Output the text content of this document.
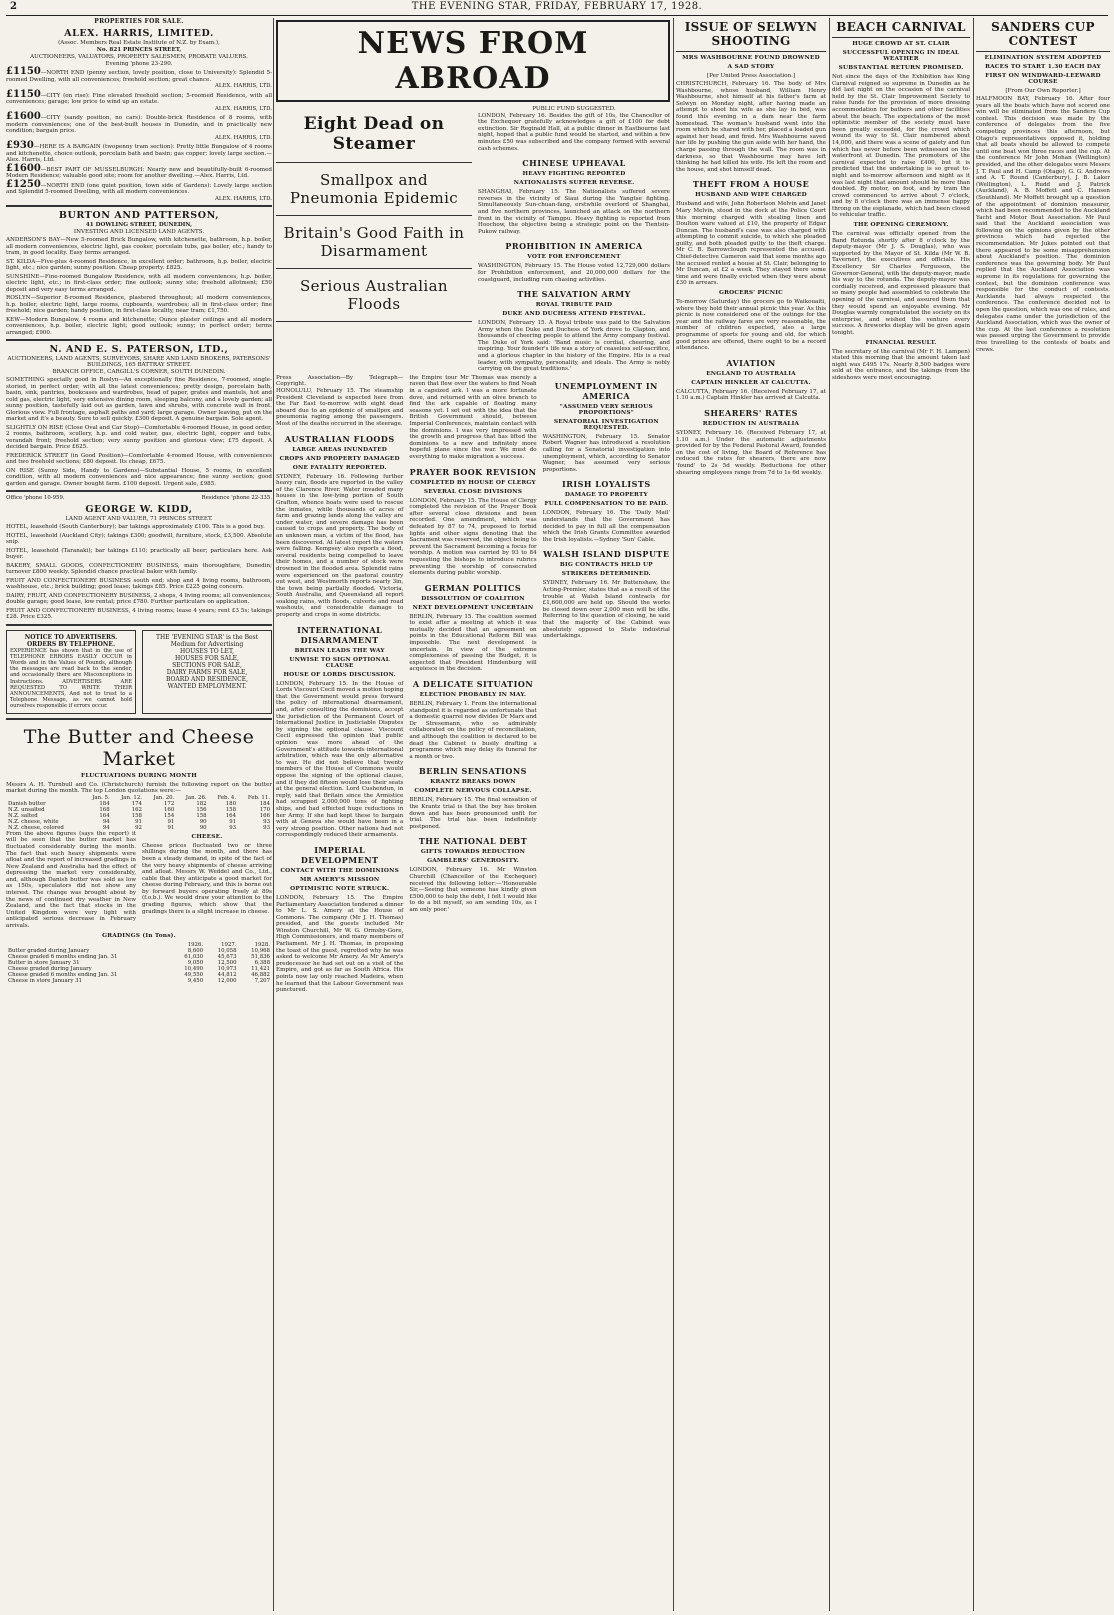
2	THE EVENING STAR, FRIDAY, FEBRUARY 17, 1928.
PROPERTIES FOR SALE.
ALEX. HARRIS, LIMITED.
(Assoc. Members Real Estate Institute of N.Z. by Exam.),
No. 821 PRINCES STREET,
AUCTIONEERS, VALUATORS, PROPERTY SALESMEN, PROBATE VALUERS.
Evening 'phone 23-290.
£1150—NORTH END (penny section, lovely position, close to University): Splendid 5-roomed Dwelling, with all conveniences; freehold section; great chance.
ALEX. HARRIS, LTD.
£1150—CITY (on rise): Fine elevated freehold section; 5-roomed Residence, with all conveniences; garage; low price to wind up an estate.
ALEX. HARRIS, LTD.
£1600—CITY (sandy position, no cars): Double-brick Residence of 8 rooms, with modern conveniences; one of the best-built houses in Dunedin, and in practically new condition; bargain price.
ALEX. HARRIS, LTD.
£930—HERE IS A BARGAIN (twopenny tram section): Pretty little Bungalow of 4 rooms and kitchenette, choice outlook, porcelain bath and basin; gas copper; lovely large section.—Alex. Harris, Ltd.
£1600—BEST PART OF MUSSELBURGH: Nearly new and beautifully-built 6-roomed Modern Residence; valuable good site; room for another dwelling.—Alex. Harris, Ltd.
£1250—NORTH END (one quiet position, town side of Gardens): Lovely large section and Splendid 5-roomed Dwelling, with all modern conveniences.
ALEX. HARRIS, LTD.
BURTON AND PATTERSON,
41 DOWLING STREET, DUNEDIN,
INVESTING AND LICENSED LAND AGENTS.
ANDERSON'S BAY—New 5-roomed Brick Bungalow, with kitchenette, bathroom, h.p. boiler, all modern conveniences, electric light, gas cooker, porcelain tubs, gas boiler, etc.; handy to tram, in good locality. Easy terms arranged.
ST. KILDA—Five-plus 4-roomed Residence, in excellent order; bathroom, h.p. boiler, electric light, etc.; nice garden; sunny position. Cheap property. £825.
SUNSHINE—Fine-roomed Bungalow Residence, with all modern conveniences, h.p. boiler, electric light, etc.; in first-class order; fine outlook; sunny site; freehold allotment; £50 deposit and very easy terms arranged.
ROSLYN—Superior 8-roomed Residence, plastered throughout; all modern conveniences, h.p. boiler, electric light, large rooms, cupboards, wardrobes; all in first-class order; fine freehold; nice garden; handy position, in first-class locality, near tram; £1,750.
KEW—Modern Bungalow, 4 rooms and kitchenette; Ounce plaster ceilings and all modern conveniences, h.p. boiler, electric light; good outlook; sunny; in perfect order; terms arranged; £900.
N. AND E. S. PATERSON, LTD.,
AUCTIONEERS, LAND AGENTS, SURVEYORS, SHARE AND LAND BROKERS, PATERSONS' BUILDINGS, 165 BATTRAY STREET.
BRANCH OFFICE, CARGILL'S CORNER, SOUTH DUNEDIN.
SOMETHING specially good in Roslyn—An exceptionally fine Residence, 7-roomed, single-storied, in perfect order, with all the latest conveniences; pretty design, porcelain bath, basin, sink, pantries, bookcases and wardrobes, head of paper, grates and mantels, hot and cold gas, electric light, very extensive dining room, sleeping balcony, and a lovely garden; all sunny position, tastefully laid out as garden, lawn and shrubs, with concrete wall in front. Glorious view. Full frontage, asphalt paths and yard; large garage. Owner leaving, put on the market and it's a beauty. Sure to sell quickly. £300 deposit. A genuine bargain. Sole agent.
SLIGHTLY ON RISE (Close Oval and Car Stop)—Comfortable 4-roomed House, in good order, 2 rooms, bathroom, scullery, h.p. and cold water, gas, electric light, copper and tubs, verandah front; freehold section; very sunny position and glorious view; £75 deposit. A decided bargain. Price £625.
FREDERICK STREET (in Good Position)—Comfortable 4-roomed House, with conveniences and two freehold sections; £80 deposit. Its cheap, £675.
ON RISE (Sunny Side, Handy to Gardens)—Substantial House, 5 rooms, in excellent condition, with all modern conveniences and nice appearance; fine sunny section; good garden and garage. Owner bought farm. £100 deposit. Urgent sale, £985.
Office 'phone 10-959.	Residence 'phone 22-335.
GEORGE W. KIDD,
LAND AGENT AND VALUER, 71 PRINCES STREET.
HOTEL, leasehold (South Canterbury); bar takings approximately £100. This is a good buy.
HOTEL, leasehold (Auckland City); takings £300; goodwill, furniture, stock, £3,500. Absolute snip.
HOTEL, leasehold (Taranaki); bar takings £110; practically all beer; particulars here. Ask buyer.
BAKERY, SMALL GOODS, CONFECTIONERY BUSINESS, main thoroughfare, Dunedin; turnover £800 weekly. Splendid chance practical baker with family.
FRUIT AND CONFECTIONERY BUSINESS south end; shop and 4 living rooms, bathroom, washhouse, etc.; brick building; good lease; takings £85. Price £225 going concern.
DAIRY, FRUIT, AND CONFECTIONERY BUSINESS, 2 shops, 4 living rooms; all conveniences; double garage; good lease, low rental; price £780. Further particulars on application.
FRUIT AND CONFECTIONERY BUSINESS, 4 living rooms; lease 4 years; rent £3 5s; takings £28. Price £325.
NOTICE TO ADVERTISERS.
ORDERS BY TELEPHONE.
EXPERIENCE has shown that in the use of TELEPHONE ERRORS EASILY OCCUR in Words and in the Values of Pounds, although the messages are read back to the sender, and occasionally there are Misconceptions in Instructions. ADVERTISERS ARE REQUESTED TO WRITE THEIR ANNOUNCEMENTS, And not to trust to a Telephone Message, as we cannot hold ourselves responsible if errors occur.
THE 'EVENING STAR' is the Best Medium for Advertising
HOUSES TO LET,
HOUSES FOR SALE,
SECTIONS FOR SALE,
DAIRY FARMS FOR SALE,
BOARD AND RESIDENCE,
WANTED EMPLOYMENT.
The Butter and Cheese Market
FLUCTUATIONS DURING MONTH
Messrs A. H. Turnbull and Co. (Christchurch) furnish the following report on the butter market during the month. The top London quotations were:—
	Jan. 5.	Jan. 12.	Jan. 20.	Jan. 26.	Feb. 4.	Feb. 11.
Danish butter	184	174	172	182	180	184
N.Z. unsalted	168	162	160	156	158	170
N.Z. salted	164	158	154	158	164	166
N.Z. cheese, white	94	91	91	90	91	93
N.Z. cheese, colored	94	92	91	90	93	93
From the above figures (says the report) it will be seen that the butter market has fluctuated considerably during the month. The fact that such heavy shipments were afloat and the report of increased gradings in New Zealand and Australia had the effect of depressing the market very considerably, and, although Danish butter was sold as low as 150s, speculators did not show any interest. The change was brought about by the news of continued dry weather in New Zealand, and the fact that stocks in the United Kingdom were very light with anticipated serious decrease in February arrivals.
CHEESE.
Cheese prices fluctuated two or three shillings during the month, and there has been a steady demand, in spite of the fact of the very heavy shipments of cheese arriving and afloat. Messrs W. Weddel and Co., Ltd., cable that they anticipate a good market for cheese during February, and this is borne out by forward buyers operating freely at 89s (f.o.b.). We would draw your attention to the grading figures, which show that the gradings there is a slight increase in cheese.
GRADINGS (In Tons).
	1926.	1927.	1928.
Butter graded during January	8,600	10,058	10,968
Cheese graded 6 months ending Jan. 31	61,030	45,673	51,836
Butter in store January 31	9,050	12,500	6,388
Cheese graded during January	10,490	10,973	11,421
Cheese graded 6 months ending Jan. 31	49,550	44,812	46,882
Cheese in store January 31	9,450	12,000	7,207
NEWS FROM ABROAD
Eight Dead on Steamer
Smallpox and Pneumonia Epidemic
Britain's Good Faith in Disarmament
Serious Australian Floods
PUBLIC FUND SUGGESTED.
LONDON, February 16. Besides the gift of 10s, the Chancellor of the Exchequer gratefully acknowledges a gift of £100 for debt extinction. Sir Reginald Hall, at a public dinner in Eastbourne last night, hoped that a public fund would be started, and within a few minutes £50 was subscribed and the company formed with several cash schemes.
CHINESE UPHEAVAL
HEAVY FIGHTING REPORTED
NATIONALISTS SUFFER REVERSE.
SHANGHAI, February 15. The Nationalists suffered severe reverses in the vicinity of Siaui during the Yangtse fighting. Simultaneously Sun-chuan-fang, erstwhile overlord of Shanghai, and five northern provinces, launched an attack on the northern front in the vicinity of Tamgpu. Heavy fighting is reported from Hoochow, the objective being a strategic point on the Tientsin-Pukow railway.
PROHIBITION IN AMERICA
VOTE FOR ENFORCEMENT
WASHINGTON, February 15. The House voted 12,729,000 dollars for Prohibition enforcement, and 20,000,000 dollars for the coastguard, including rum chasing activities.
THE SALVATION ARMY
ROYAL TRIBUTE PAID
DUKE AND DUCHESS ATTEND FESTIVAL.
LONDON, February 15. A Royal tribute was paid to the Salvation Army when the Duke and Duchess of York drove to Clapton, and thousands of cheering people to attend the Army company festival. The Duke of York said: 'Band music is cordial, cheering, and inspiring. Your founder's life was a story of ceaseless self-sacrifice, and a glorious chapter in the history of the Empire. His is a real leader, with sympathy, personality, and ideals. The Army is nobly carrying on the great traditions.'
Press Association—By Telegraph—Copyright.
HONOLULU, February 15. The steamship President Cleveland is expected here from the Far East to-morrow with eight dead aboard due to an epidemic of smallpox and pneumonia raging among the passengers. Most of the deaths occurred in the steerage.
AUSTRALIAN FLOODS
LARGE AREAS INUNDATED
CROPS AND PROPERTY DAMAGED
ONE FATALITY REPORTED.
SYDNEY, February 16. Following further heavy rain, floods are reported in the valley of the Clarence River. Water invaded many houses in the low-lying portion of South Grafton, whence boats were used to rescue the inmates, while thousands of acres of farm and grazing lands along the valley are under water, and severe damage has been caused to crops and property. The body of an unknown man, a victim of the flood, has been discovered. At latest report the waters were falling. Kempsey also reports a flood, several residents being compelled to leave their homes, and a number of stock were drowned in the flooded area. Splendid rains were experienced on the pastoral country out west, and Westmorth reports nearly 3in, the town being partially flooded. Victoria, South Australia, and Queensland all report soaking rains, with floods, culverts and road washouts, and considerable damage to property and crops in some districts.
INTERNATIONAL DISARMAMENT
BRITAIN LEADS THE WAY
UNWISE TO SIGN OPTIONAL CLAUSE
HOUSE OF LORDS DISCUSSION.
LONDON, February 15. In the House of Lords Viscount Cecil moved a motion hoping that the Government would press forward the policy of international disarmament, and, after consulting the dominions, accept the jurisdiction of the Permanent Court of International Justice in Justiciable Disputes by signing the optional clause. Viscount Cecil expressed the opinion that public opinion was more ahead of the Government's attitude towards international arbitration, which was the only alternative to war. He did not believe that twenty members of the House of Commons would oppose the signing of the optional clause, and if they did fifteen would lose their seats at the general election. Lord Cushendun, in reply, said that Britain since the Armistice had scrapped 2,000,000 tons of fighting ships, and had effected huge reductions in her Army. If she had kept these to bargain with at Geneva she would have been in a very strong position. Other nations had not correspondingly reduced their armaments.
IMPERIAL DEVELOPMENT
CONTACT WITH THE DOMINIONS
MR AMERY'S MISSION
OPTIMISTIC NOTE STRUCK.
LONDON, February 15. The Empire Parliamentary Association tendered a dinner to Mr L. S. Amery at the House of Commons. The company (Mr J. H. Thomas) presided, and the guests included Mr Winston Churchill, Mr W. G. Ormsby-Gore, High Commissioners, and many members of Parliament. Mr J. H. Thomas, in proposing the toast of the guest, regretted why he was asked to welcome Mr Amery. As Mr Amery's predecessor he had set out on a visit of the Empire, and got as far as South Africa. His points now lay only reached Madeira, when he learned that the Labour Government was punctured.
the Empire tour Mr Thomas was merely a raven that flew over the waters to find Noah in a capsized ark. I was a more fortunate dove, and returned with an olive branch to find the ark capable of floating many seasons yet. I set out with the idea that the British Government should, between Imperial Conferences, maintain contact with the dominions. I was very impressed with the growth and progress that has lifted the dominions to a new and infinitely more hopeful plane since the war. We must do everything to make migration a success.
PRAYER BOOK REVISION
COMPLETED BY HOUSE OF CLERGY
SEVERAL CLOSE DIVISIONS
LONDON, February 15. The House of Clergy completed the revision of the Prayer Book after several close divisions and been recorded. One amendment, which was defeated by 87 to 74, proposed to forbid lights and other signs denoting that the Sacrament was reserved, the object being to prevent the Sacrament becoming a focus for worship. A motion was carried by 93 to 84 requesting the bishops to introduce rubrics preventing the worship of consecrated elements during public worship.
GERMAN POLITICS
DISSOLUTION OF COALITION
NEXT DEVELOPMENT UNCERTAIN
BERLIN, February 15. The coalition seemed to exist after a meeting at which it was mutually decided that an agreement on points in the Educational Reform Bill was impossible. The next development is uncertain. In view of the extreme complexeness of passing the Budget, it is expected that President Hindenburg will acquiesce in the decision.
A DELICATE SITUATION
ELECTION PROBABLY IN MAY.
BERLIN, February 1. From the international standpoint it is regarded as unfortunate that a domestic quarrel now divides Dr Marx and Dr Stresemann, who so admirably collaborated on the policy of reconciliation, and although the coalition is declared to be dead the Cabinet is busily drafting a programme which may delay its funeral for a month or two.
BERLIN SENSATIONS
KRANTZ BREAKS DOWN
COMPLETE NERVOUS COLLAPSE.
BERLIN, February 15. The final sensation of the Krantz trial is that the boy has broken down and has been pronounced unfit for trial. The trial has been indefinitely postponed.
THE NATIONAL DEBT
GIFTS TOWARDS REDUCTION
GAMBLERS' GENEROSITY.
LONDON, February 16. Mr Winston Churchill (Chancellor of the Exchequer) received the following letter:—'Honourable Sir,—Seeing that someone has kindly given £500,000 to help the debt, I felt I would like to do a bit myself, so am sending 10s, as I am only poor.'
UNEMPLOYMENT IN AMERICA
"ASSUMED VERY SERIOUS PROPORTIONS"
SENATORIAL INVESTIGATION REQUESTED.
WASHINGTON, February 15. Senator Robert Wagner has introduced a resolution calling for a Senatorial investigation into unemployment, which, according to Senator Wagner, has assumed very serious proportions.
IRISH LOYALISTS
DAMAGE TO PROPERTY
FULL COMPENSATION TO BE PAID.
LONDON, February 16. The 'Daily Mail' understands that the Government has decided to pay in full all the compensation which the Irish Grants Committee awarded the Irish loyalists.—Sydney 'Sun' Cable.
WALSH ISLAND DISPUTE
BIG CONTRACTS HELD UP
STRIKERS DETERMINED.
SYDNEY, February 16. Mr Buttenshaw, the Acting-Premier, states that as a result of the trouble at Walsh Island contracts for £1,600,000 are held up. Should the works be closed down over 2,000 men will be idle. Referring to the question of closing, he said that the majority of the Cabinet was absolutely opposed to State industrial undertakings.
ISSUE OF SELWYN SHOOTING
MRS WASHBOURNE FOUND DROWNED
A SAD STORY
[Per United Press Association.]
CHRISTCHURCH, February 16. The body of Mrs Washbourne, whose husband, William Henry Washbourne, shot himself at his father's farm at Selwyn on Monday night, after having made an attempt to shoot his wife as she lay in bed, was found this evening in a dam near the farm homestead. The woman's husband went into the room which he shared with her, placed a loaded gun against her head, and fired. Mrs Washbourne saved her life by pushing the gun aside with her hand, the charge passing through the wall. The room was in darkness, so that Washbourne may have left thinking he had killed his wife. He left the room and the house, and shot himself dead.
THEFT FROM A HOUSE
HUSBAND AND WIFE CHARGED
Husband and wife, John Robertson Melvin and Janet Mary Melvin, stood in the dock at the Police Court this morning charged with stealing linen and Doulton ware valued at £10, the property of Edgar Duncan. The husband's case was also charged with attempting to commit suicide, to which she pleaded guilty, and both pleaded guilty to the theft charge. Mr C. B. Barrowclough represented the accused. Chief-detective Cameron said that some months ago the accused rented a house at St. Clair, belonging to Mr Duncan, at £2 a week. They stayed there some time and were finally evicted when they were about £30 in arrears.
GROCERS' PICNIC
To-morrow (Saturday) the grocers go to Waikouaiti, where they hold their annual picnic this year. As this picnic is now considered one of the outings for the year and the railway fares are very reasonable, the number of children expected, also a large programme of sports for young and old, for which good prizes are offered, there ought to be a record attendance.
AVIATION
ENGLAND TO AUSTRALIA
CAPTAIN HINKLER AT CALCUTTA.
CALCUTTA, February 16. (Received February 17, at 1.10 a.m.) Captain Hinkler has arrived at Calcutta.
SHEARERS' RATES
REDUCTION IN AUSTRALIA
SYDNEY, February 16. (Received February 17, at 1.10 a.m.) Under the automatic adjustments provided for by the Federal Pastoral Award, founded on the cost of living, the Board of Reference has reduced the rates for shearers, there are now 'found' to 2s 5d weekly. Reductions for other shearing employees range from 7d to 1s 6d weekly.
BEACH CARNIVAL
HUGE CROWD AT ST. CLAIR
SUCCESSFUL OPENING IN IDEAL WEATHER
SUBSTANTIAL RETURN PROMISED.
Not since the days of the Exhibition has King Carnival reigned so supreme in Dunedin as he did last night on the occasion of the carnival held by the St. Clair Improvement Society to raise funds for the provision of more dressing accommodation for bathers and other facilities about the beach. The expectations of the most optimistic member of the society must have been greatly exceeded, for the crowd which wound its way to St. Clair numbered about 14,000, and there was a scene of gaiety and fun which has never before been witnessed on the waterfront at Dunedin. The promoters of the carnival expected to raise £400, but it is predicted that the undertaking is so great to-night and to-morrow afternoon and night as it was last night that amount should be more than doubled. By motor, on foot, and by tram the crowd commenced to arrive about 7 o'clock, and by 8 o'clock there was an immense happy throng on the esplanade, which had been closed to vehicular traffic.
THE OPENING CEREMONY.
The carnival was officially opened from the Band Rotunda shortly after 8 o'clock by the deputy-mayor (Mr J. S. Douglas), who was supported by the Mayor of St. Kilda (Mr W. B. Taverner), the executives and officials. His Excellency Sir Charles Fergusson, the Governor-General, with the deputy-mayor, made his way to the rotunda. The deputy-mayor was cordially received, and expressed pleasure that so many people had assembled to celebrate the opening of the carnival, and assured them that they would spend an enjoyable evening. Mr Douglas warmly congratulated the society on its enterprise, and wished the venture every success. A fireworks display will be given again tonight.
FINANCIAL RESULT.
The secretary of the carnival (Mr F. H. Lampen) stated this morning that the amount taken last night was £495 17s. Nearly 8,500 badges were sold at the entrance, and the takings from the sideshows were most encouraging.
SANDERS CUP CONTEST
ELIMINATION SYSTEM ADOPTED
RACES TO START 1.30 EACH DAY
FIRST ON WINDWARD-LEEWARD COURSE
[From Our Own Reporter.]
HALFMOON BAY, February 16. After four years all the boats which have not scored one win will be eliminated from the Sanders Cup contest. This decision was made by the conference of delegates from the five competing provinces this afternoon, but Otago's representatives opposed it, holding that all boats should be allowed to compete until one boat won three races and the cup. At the conference Mr John Mohan (Wellington) presided, and the other delegates were Messrs J. T. Paul and H. Camp (Otago), G. G. Andrews and A. T. Round (Canterbury), J. B. Laker (Wellington), L. Rudd and J. Patrick (Auckland), A. B. Moffett and C. Hansen (Southland). Mr Moffett brought up a question of the appointment of dominion measurer, which had been recommended to the Auckland Yacht and Motor Boat Association. Mr Paul said that the Auckland association was following on the opinions given by the other provinces which had rejected the recommendation. Mr Jukes pointed out that there appeared to be some misapprehension about Auckland's position. The dominion conference was the governing body. Mr Paul replied that the Auckland Association was supreme in its regulations for governing the contest, but the dominion conference was responsible for the conduct of contests. Aucklands had always respected the conference. The conference decided not to open the question, which was one of rules, and delegates came under the jurisdiction of the Auckland Association, which was the owner of the cup. At the last conference a resolution was passed urging the Government to provide free travelling to the contests of boats and crews.
